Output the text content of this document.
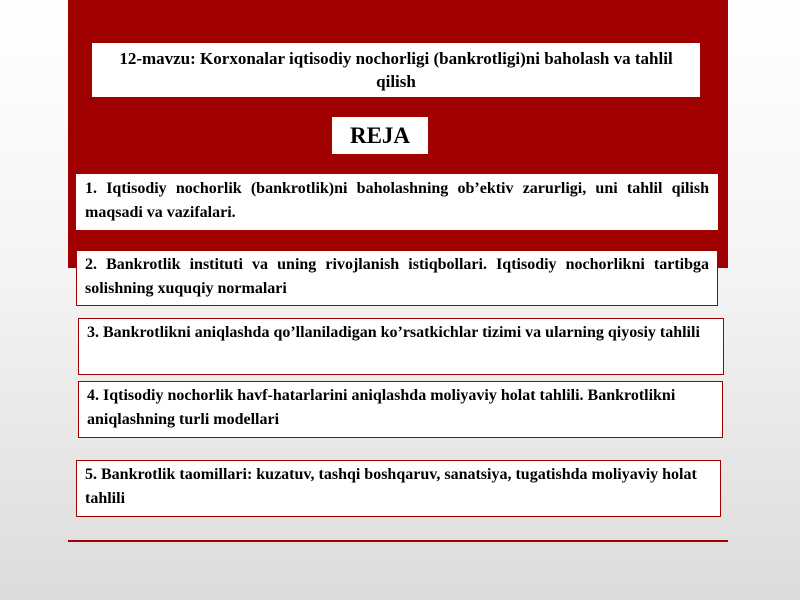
12-mavzu: Korxonalar iqtisodiy nochorligi (bankrotligi)ni baholash va tahlil qilish
REJA
1. Iqtisodiy nochorlik (bankrotlik)ni baholashning ob’ektiv zarurligi, uni tahlil qilish maqsadi va vazifalari.
2. Bankrotlik instituti va uning rivojlanish istiqbollari. Iqtisodiy nochorlikni tartibga solishning xuquqiy normalari
3. Bankrotlikni aniqlashda qo’llaniladigan ko’rsatkichlar tizimi va ularning qiyosiy tahlili
4. Iqtisodiy nochorlik havf-hatarlarini aniqlashda moliyaviy holat tahlili. Bankrotlikni aniqlashning turli modellari
5. Bankrotlik taomillari: kuzatuv, tashqi boshqaruv, sanatsiya, tugatishda moliyaviy holat tahlili
